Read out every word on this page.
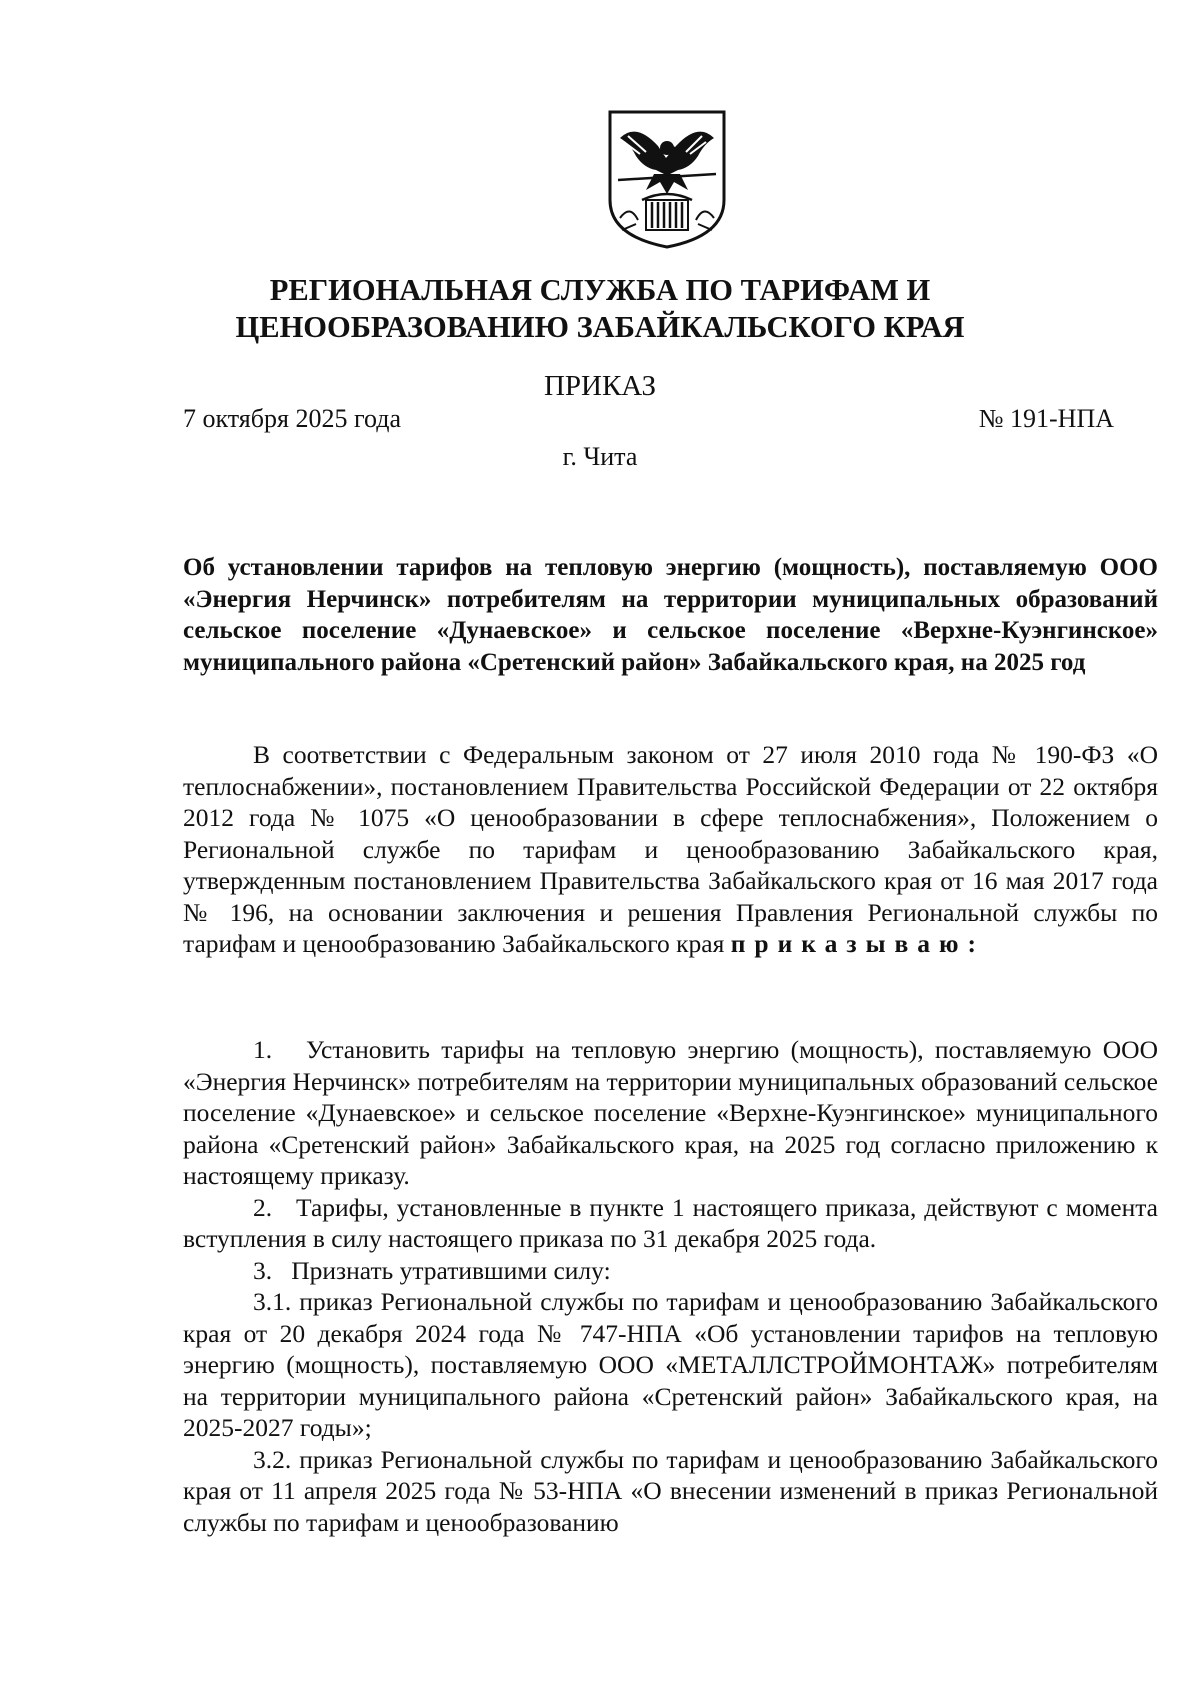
РЕГИОНАЛЬНАЯ СЛУЖБА ПО ТАРИФАМ И
ЦЕНООБРАЗОВАНИЮ ЗАБАЙКАЛЬСКОГО КРАЯ
ПРИКАЗ
7 октября 2025 года	№ 191-НПА
г. Чита
Об установлении тарифов на тепловую энергию (мощность), поставляемую ООО «Энергия Нерчинск» потребителям на территории муниципальных образований сельское поселение «Дунаевское» и сельское поселение «Верхне-Куэнгинское» муниципального района «Сретенский район» Забайкальского края, на 2025 год

В соответствии с Федеральным законом от 27 июля 2010 года № 190-ФЗ «О теплоснабжении», постановлением Правительства Российской Федерации от 22 октября 2012 года № 1075 «О ценообразовании в сфере теплоснабжения», Положением о Региональной службе по тарифам и ценообразованию Забайкальского края, утвержденным постановлением Правительства Забайкальского края от 16 мая 2017 года № 196, на основании заключения и решения Правления Региональной службы по тарифам и ценообразованию Забайкальского края приказываю:

1.   Установить тарифы на тепловую энергию (мощность), поставляемую ООО «Энергия Нерчинск» потребителям на территории муниципальных образований сельское поселение «Дунаевское» и сельское поселение «Верхне-Куэнгинское» муниципального района «Сретенский район» Забайкальского края, на 2025 год согласно приложению к настоящему приказу.

2.   Тарифы, установленные в пункте 1 настоящего приказа, действуют с момента вступления в силу настоящего приказа по 31 декабря 2025 года.

3.   Признать утратившими силу:

3.1. приказ Региональной службы по тарифам и ценообразованию Забайкальского края от 20 декабря 2024 года № 747-НПА «Об установлении тарифов на тепловую энергию (мощность), поставляемую ООО «МЕТАЛЛСТРОЙМОНТАЖ» потребителям на территории муниципального района «Сретенский район» Забайкальского края, на 2025-2027 годы»;

3.2. приказ Региональной службы по тарифам и ценообразованию Забайкальского края от 11 апреля 2025 года № 53-НПА «О внесении изменений в приказ Региональной службы по тарифам и ценообразованию
